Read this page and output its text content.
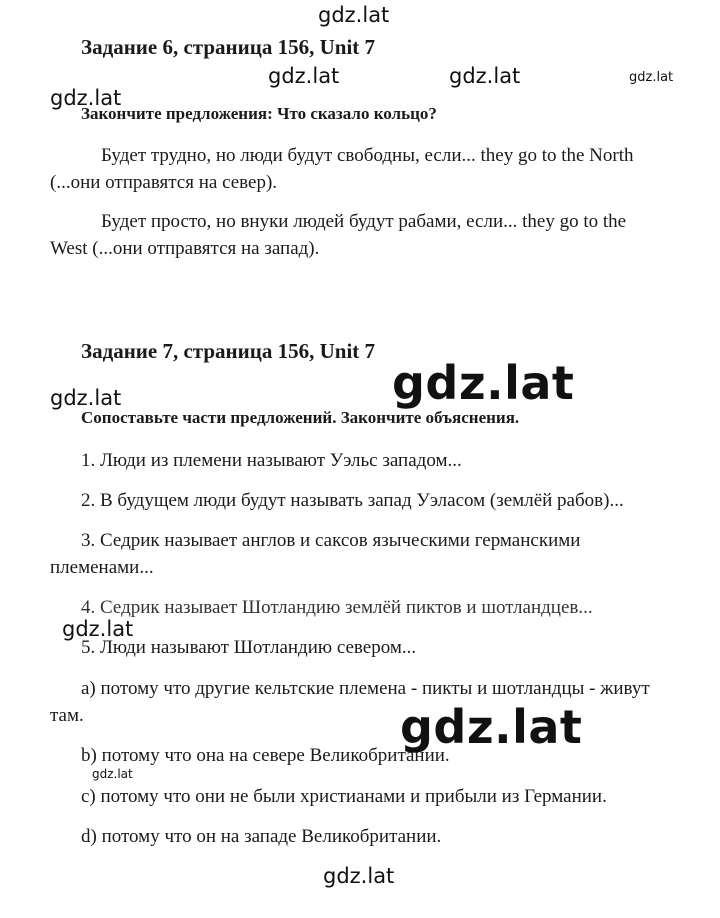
gdz.lat
gdz.lat	gdz.lat	gdz.lat
gdz.lat
gdz.lat
gdz.lat
gdz.lat
gdz.lat
gdz.lat
gdz.lat
Задание 6, страница 156, Unit 7
Закончите предложения: Что сказало кольцо?
Будет трудно, но люди будут свободны, если... they go to the North
(...они отправятся на север).
Будет просто, но внуки людей будут рабами, если... they go to the
West (...они отправятся на запад).
Задание 7, страница 156, Unit 7
Сопоставьте части предложений. Закончите объяснения.
1. Люди из племени называют Уэльс западом...
2. В будущем люди будут называть запад Уэласом (землёй рабов)...
3. Седрик называет англов и саксов языческими германскими
племенами...
4. Седрик называет Шотландию землёй пиктов и шотландцев...
5. Люди называют Шотландию севером...
a) потому что другие кельтские племена - пикты и шотландцы - живут
там.
b) потому что она на севере Великобритании.
c) потому что они не были христианами и прибыли из Германии.
d) потому что он на западе Великобритании.
